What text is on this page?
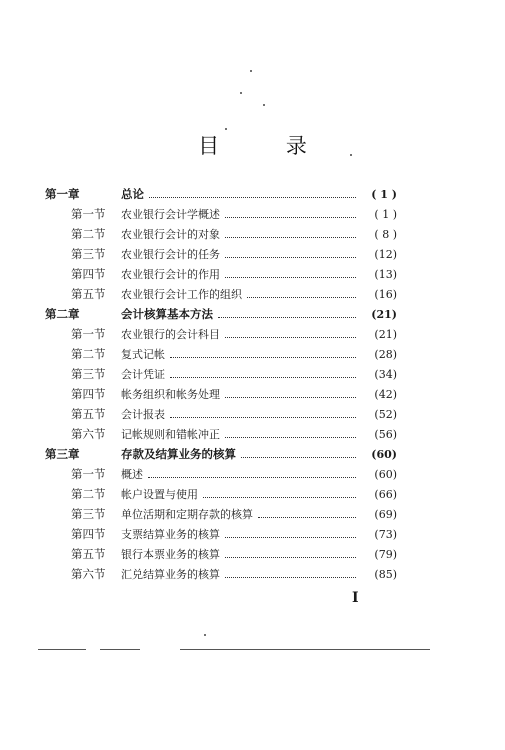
目 录
第一章	总论	( 1 )
第一节	农业银行会计学概述	( 1 )
第二节	农业银行会计的对象	( 8 )
第三节	农业银行会计的任务	(12)
第四节	农业银行会计的作用	(13)
第五节	农业银行会计工作的组织	(16)
第二章	会计核算基本方法	(21)
第一节	农业银行的会计科目	(21)
第二节	复式记帐	(28)
第三节	会计凭证	(34)
第四节	帐务组织和帐务处理	(42)
第五节	会计报表	(52)
第六节	记帐规则和错帐冲正	(56)
第三章	存款及结算业务的核算	(60)
第一节	概述	(60)
第二节	帐户设置与使用	(66)
第三节	单位活期和定期存款的核算	(69)
第四节	支票结算业务的核算	(73)
第五节	银行本票业务的核算	(79)
第六节	汇兑结算业务的核算	(85)
I
